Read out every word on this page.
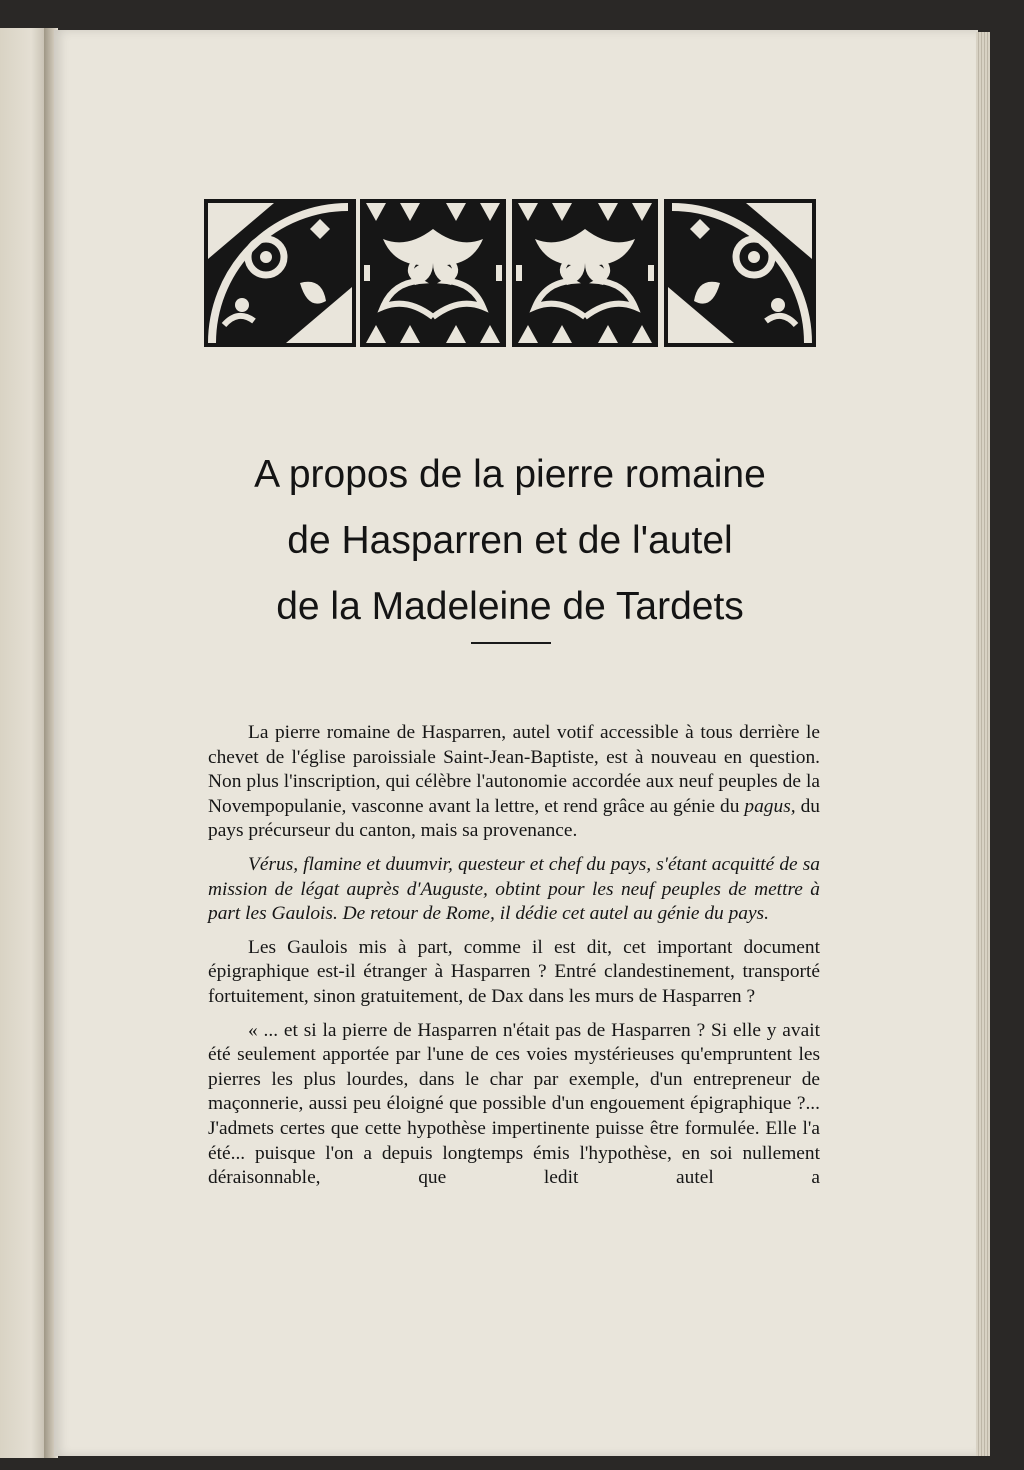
A propos de la pierre romaine
de Hasparren et de l'autel
de la Madeleine de Tardets

La pierre romaine de Hasparren, autel votif accessible à tous derrière le chevet de l'église paroissiale Saint-Jean-Baptiste, est à nouveau en question. Non plus l'inscription, qui célèbre l'autonomie accordée aux neuf peuples de la Novempopulanie, vasconne avant la lettre, et rend grâce au génie du pagus, du pays précurseur du canton, mais sa provenance.

Vérus, flamine et duumvir, questeur et chef du pays, s'étant acquitté de sa mission de légat auprès d'Auguste, obtint pour les neuf peuples de mettre à part les Gaulois. De retour de Rome, il dédie cet autel au génie du pays.

Les Gaulois mis à part, comme il est dit, cet important document épigraphique est-il étranger à Hasparren ? Entré clandestinement, transporté fortuitement, sinon gratuitement, de Dax dans les murs de Hasparren ?

« ... et si la pierre de Hasparren n'était pas de Hasparren ? Si elle y avait été seulement apportée par l'une de ces voies mystérieuses qu'empruntent les pierres les plus lourdes, dans le char par exemple, d'un entrepreneur de maçonnerie, aussi peu éloigné que possible d'un engouement épigraphique ?... J'admets certes que cette hypothèse impertinente puisse être formulée. Elle l'a été... puisque l'on a depuis longtemps émis l'hypothèse, en soi nullement déraisonnable, que ledit autel a
